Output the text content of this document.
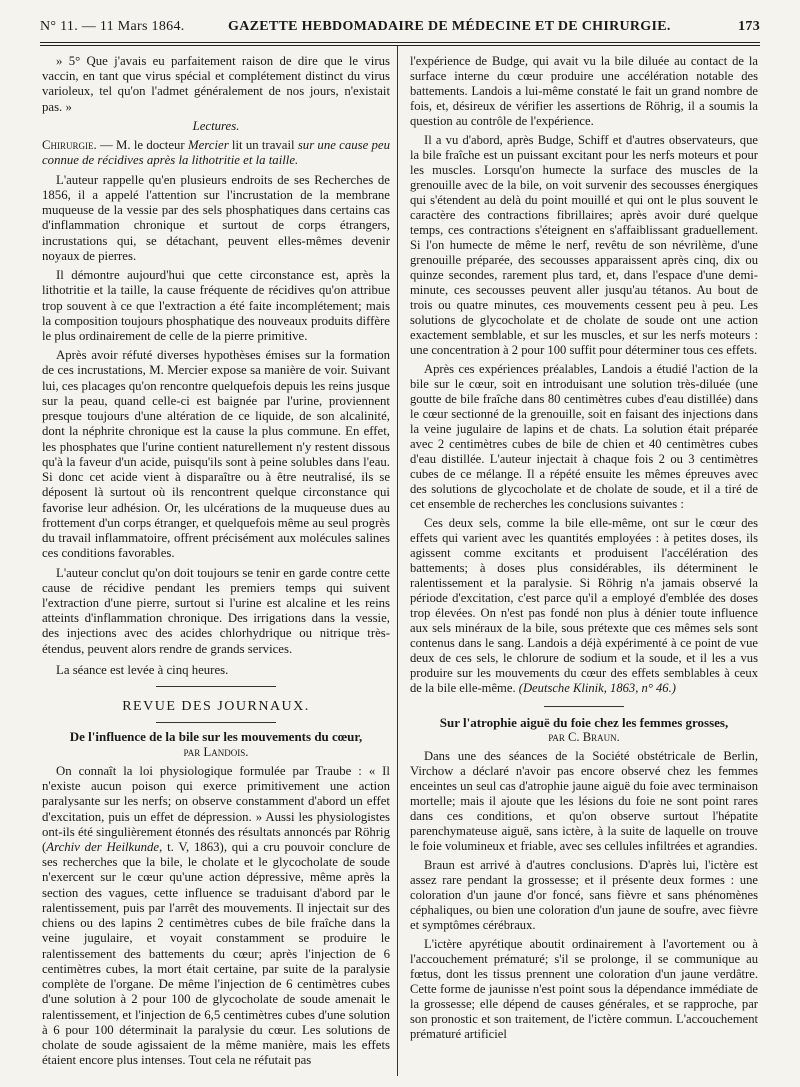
N° 11. — 11 Mars 1864.	GAZETTE HEBDOMADAIRE DE MÉDECINE ET DE CHIRURGIE.	173

» 5° Que j'avais eu parfaitement raison de dire que le virus vaccin, en tant que virus spécial et complétement distinct du virus varioleux, tel qu'on l'admet généralement de nos jours, n'existait pas. »

Lectures.

Chirurgie. — M. le docteur Mercier lit un travail sur une cause peu connue de récidives après la lithotritie et la taille.

L'auteur rappelle qu'en plusieurs endroits de ses Recherches de 1856, il a appelé l'attention sur l'incrustation de la membrane muqueuse de la vessie par des sels phosphatiques dans certains cas d'inflammation chronique et surtout de corps étrangers, incrustations qui, se détachant, peuvent elles-mêmes devenir noyaux de pierres.

Il démontre aujourd'hui que cette circonstance est, après la lithotritie et la taille, la cause fréquente de récidives qu'on attribue trop souvent à ce que l'extraction a été faite incomplétement; mais la composition toujours phosphatique des nouveaux produits diffère le plus ordinairement de celle de la pierre primitive.

Après avoir réfuté diverses hypothèses émises sur la formation de ces incrustations, M. Mercier expose sa manière de voir. Suivant lui, ces placages qu'on rencontre quelquefois depuis les reins jusque sur la peau, quand celle-ci est baignée par l'urine, proviennent presque toujours d'une altération de ce liquide, de son alcalinité, dont la néphrite chronique est la cause la plus commune. En effet, les phosphates que l'urine contient naturellement n'y restent dissous qu'à la faveur d'un acide, puisqu'ils sont à peine solubles dans l'eau. Si donc cet acide vient à disparaître ou à être neutralisé, ils se déposent là surtout où ils rencontrent quelque circonstance qui favorise leur adhésion. Or, les ulcérations de la muqueuse dues au frottement d'un corps étranger, et quelquefois même au seul progrès du travail inflammatoire, offrent précisément aux molécules salines ces conditions favorables.

L'auteur conclut qu'on doit toujours se tenir en garde contre cette cause de récidive pendant les premiers temps qui suivent l'extraction d'une pierre, surtout si l'urine est alcaline et les reins atteints d'inflammation chronique. Des irrigations dans la vessie, des injections avec des acides chlorhydrique ou nitrique très-étendus, peuvent alors rendre de grands services.

La séance est levée à cinq heures.

REVUE DES JOURNAUX.
De l'influence de la bile sur les mouvements du cœur,
par Landois.

On connaît la loi physiologique formulée par Traube : « Il n'existe aucun poison qui exerce primitivement une action paralysante sur les nerfs; on observe constamment d'abord un effet d'excitation, puis un effet de dépression. » Aussi les physiologistes ont-ils été singulièrement étonnés des résultats annoncés par Röhrig (Archiv der Heilkunde, t. V, 1863), qui a cru pouvoir conclure de ses recherches que la bile, le cholate et le glycocholate de soude n'exercent sur le cœur qu'une action dépressive, même après la section des vagues, cette influence se traduisant d'abord par le ralentissement, puis par l'arrêt des mouvements. Il injectait sur des chiens ou des lapins 2 centimètres cubes de bile fraîche dans la veine jugulaire, et voyait constamment se produire le ralentissement des battements du cœur; après l'injection de 6 centimètres cubes, la mort était certaine, par suite de la paralysie complète de l'organe. De même l'injection de 6 centimètres cubes d'une solution à 2 pour 100 de glycocholate de soude amenait le ralentissement, et l'injection de 6,5 centimètres cubes d'une solution à 6 pour 100 déterminait la paralysie du cœur. Les solutions de cholate de soude agissaient de la même manière, mais les effets étaient encore plus intenses. Tout cela ne réfutait pas

l'expérience de Budge, qui avait vu la bile diluée au contact de la surface interne du cœur produire une accélération notable des battements. Landois a lui-même constaté le fait un grand nombre de fois, et, désireux de vérifier les assertions de Röhrig, il a soumis la question au contrôle de l'expérience.

Il a vu d'abord, après Budge, Schiff et d'autres observateurs, que la bile fraîche est un puissant excitant pour les nerfs moteurs et pour les muscles. Lorsqu'on humecte la surface des muscles de la grenouille avec de la bile, on voit survenir des secousses énergiques qui s'étendent au delà du point mouillé et qui ont le plus souvent le caractère des contractions fibrillaires; après avoir duré quelque temps, ces contractions s'éteignent en s'affaiblissant graduellement. Si l'on humecte de même le nerf, revêtu de son névrilème, d'une grenouille préparée, des secousses apparaissent après cinq, dix ou quinze secondes, rarement plus tard, et, dans l'espace d'une demi-minute, ces secousses peuvent aller jusqu'au tétanos. Au bout de trois ou quatre minutes, ces mouvements cessent peu à peu. Les solutions de glycocholate et de cholate de soude ont une action exactement semblable, et sur les muscles, et sur les nerfs moteurs : une concentration à 2 pour 100 suffit pour déterminer tous ces effets.

Après ces expériences préalables, Landois a étudié l'action de la bile sur le cœur, soit en introduisant une solution très-diluée (une goutte de bile fraîche dans 80 centimètres cubes d'eau distillée) dans le cœur sectionné de la grenouille, soit en faisant des injections dans la veine jugulaire de lapins et de chats. La solution était préparée avec 2 centimètres cubes de bile de chien et 40 centimètres cubes d'eau distillée. L'auteur injectait à chaque fois 2 ou 3 centimètres cubes de ce mélange. Il a répété ensuite les mêmes épreuves avec des solutions de glycocholate et de cholate de soude, et il a tiré de cet ensemble de recherches les conclusions suivantes :

Ces deux sels, comme la bile elle-même, ont sur le cœur des effets qui varient avec les quantités employées : à petites doses, ils agissent comme excitants et produisent l'accélération des battements; à doses plus considérables, ils déterminent le ralentissement et la paralysie. Si Röhrig n'a jamais observé la période d'excitation, c'est parce qu'il a employé d'emblée des doses trop élevées. On n'est pas fondé non plus à dénier toute influence aux sels minéraux de la bile, sous prétexte que ces mêmes sels sont contenus dans le sang. Landois a déjà expérimenté à ce point de vue deux de ces sels, le chlorure de sodium et la soude, et il les a vus produire sur les mouvements du cœur des effets semblables à ceux de la bile elle-même. (Deutsche Klinik, 1863, n° 46.)

Sur l'atrophie aiguë du foie chez les femmes grosses,
par C. Braun.

Dans une des séances de la Société obstétricale de Berlin, Virchow a déclaré n'avoir pas encore observé chez les femmes enceintes un seul cas d'atrophie jaune aiguë du foie avec terminaison mortelle; mais il ajoute que les lésions du foie ne sont point rares dans ces conditions, et qu'on observe surtout l'hépatite parenchymateuse aiguë, sans ictère, à la suite de laquelle on trouve le foie volumineux et friable, avec ses cellules infiltrées et agrandies.

Braun est arrivé à d'autres conclusions. D'après lui, l'ictère est assez rare pendant la grossesse; et il présente deux formes : une coloration d'un jaune d'or foncé, sans fièvre et sans phénomènes céphaliques, ou bien une coloration d'un jaune de soufre, avec fièvre et symptômes cérébraux.

L'ictère apyrétique aboutit ordinairement à l'avortement ou à l'accouchement prématuré; s'il se prolonge, il se communique au fœtus, dont les tissus prennent une coloration d'un jaune verdâtre. Cette forme de jaunisse n'est point sous la dépendance immédiate de la grossesse; elle dépend de causes générales, et se rapproche, par son pronostic et son traitement, de l'ictère commun. L'accouchement prématuré artificiel
